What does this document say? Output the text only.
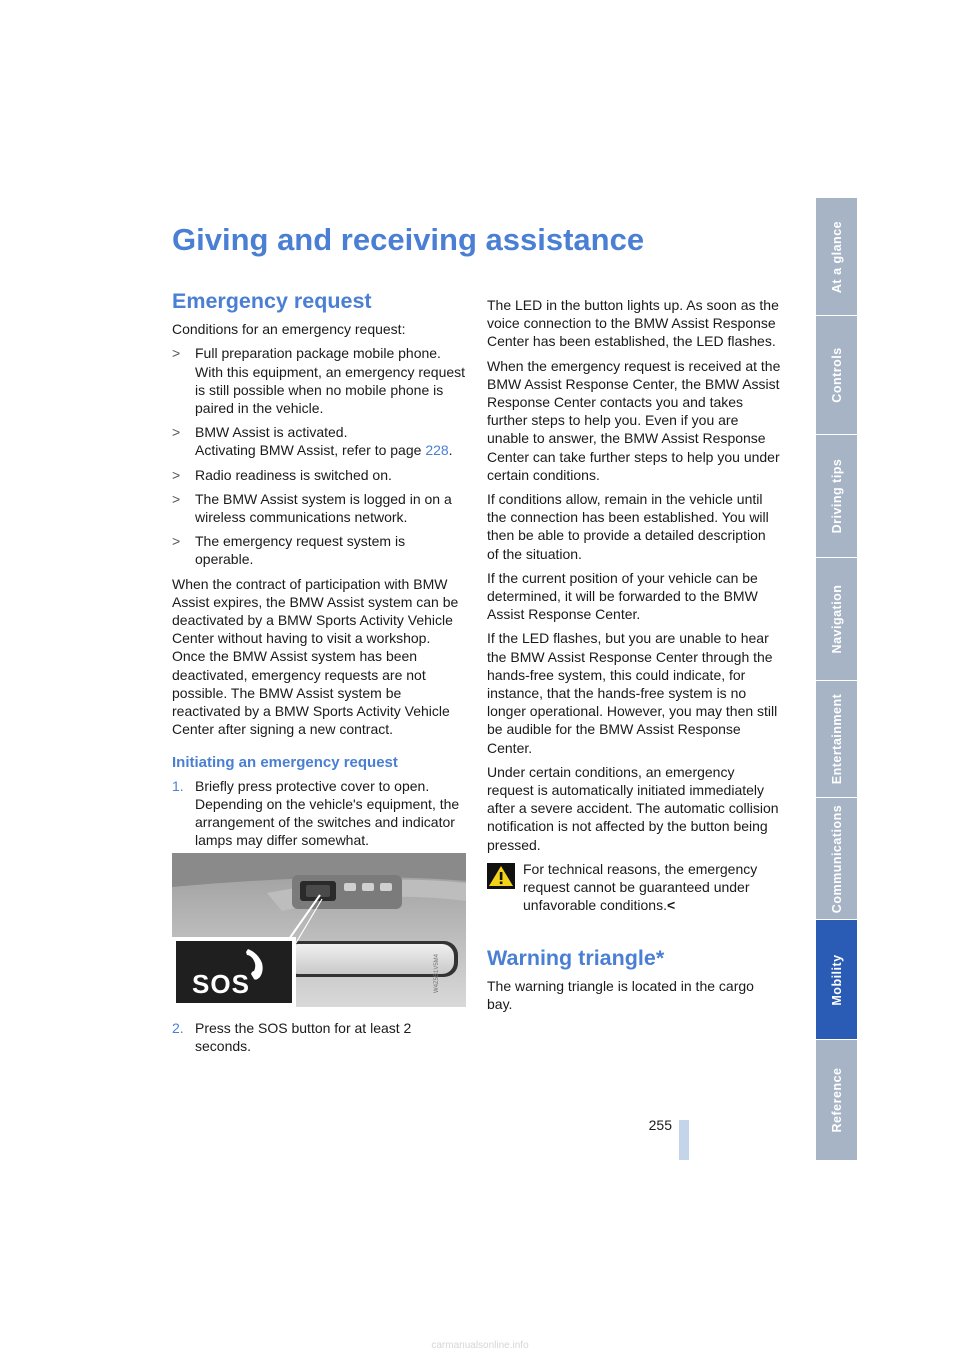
Giving and receiving assistance
Emergency request

Conditions for an emergency request:

> Full preparation package mobile phone. With this equipment, an emergency request is still possible when no mobile phone is paired in the vehicle.
> BMW Assist is activated.
Activating BMW Assist, refer to page 228.
> Radio readiness is switched on.
> The BMW Assist system is logged in on a wireless communications network.
> The emergency request system is operable.

When the contract of participation with BMW Assist expires, the BMW Assist system can be deactivated by a BMW Sports Activity Vehicle Center without having to visit a workshop. Once the BMW Assist system has been deactivated, emergency requests are not possible. The BMW Assist system be reactivated by a BMW Sports Activity Vehicle Center after signing a new contract.

Initiating an emergency request
1. Briefly press protective cover to open. Depending on the vehicle's equipment, the arrangement of the switches and indicator lamps may differ somewhat.
SOS	W4Z5B1V5M4
2. Press the SOS button for at least 2 seconds.

The LED in the button lights up. As soon as the voice connection to the BMW Assist Response Center has been established, the LED flashes.

When the emergency request is received at the BMW Assist Response Center, the BMW Assist Response Center contacts you and takes further steps to help you. Even if you are unable to answer, the BMW Assist Response Center can take further steps to help you under certain conditions.

If conditions allow, remain in the vehicle until the connection has been established. You will then be able to provide a detailed description of the situation.

If the current position of your vehicle can be determined, it will be forwarded to the BMW Assist Response Center.

If the LED flashes, but you are unable to hear the BMW Assist Response Center through the hands-free system, this could indicate, for instance, that the hands-free system is no longer operational. However, you may then still be audible for the BMW Assist Response Center.

Under certain conditions, an emergency request is automatically initiated immediately after a severe accident. The automatic collision notification is not affected by the button being pressed.

For technical reasons, the emergency request cannot be guaranteed under unfavorable conditions.<
Warning triangle*

The warning triangle is located in the cargo bay.

At a glance
Controls
Driving tips
Navigation
Entertainment
Communications
Mobility
Reference
255
carmanualsonline.info
